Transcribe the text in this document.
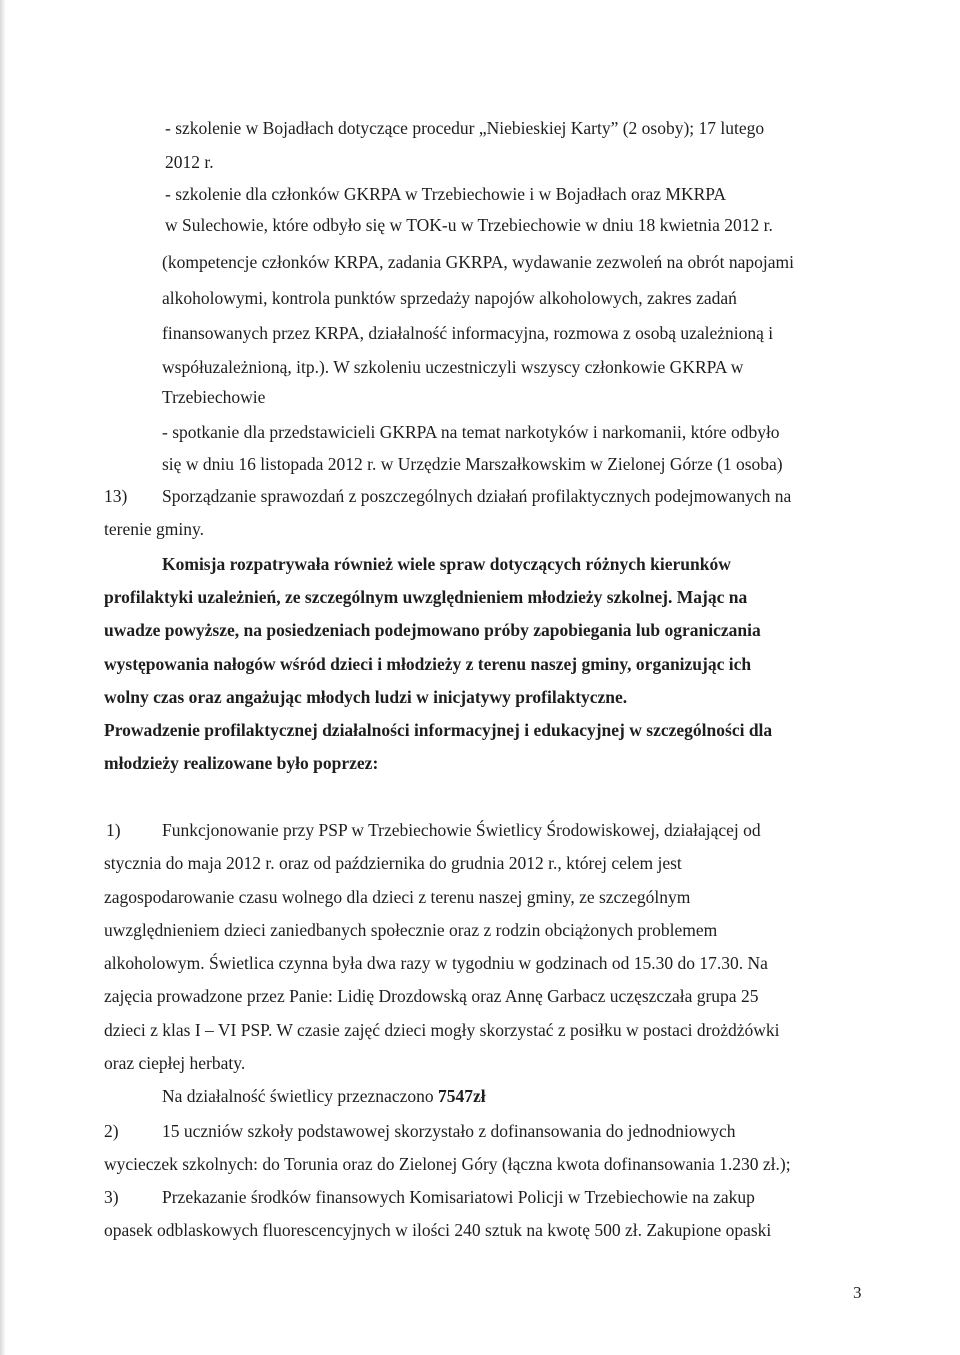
- szkolenie w Bojadłach dotyczące procedur „Niebieskiej Karty” (2 osoby); 17 lutego
2012 r.
- szkolenie dla członków GKRPA w Trzebiechowie i w Bojadłach oraz MKRPA
w Sulechowie, które odbyło się w TOK-u w Trzebiechowie w dniu 18 kwietnia 2012 r.
(kompetencje członków KRPA, zadania GKRPA, wydawanie zezwoleń na obrót napojami
alkoholowymi, kontrola punktów sprzedaży napojów alkoholowych, zakres zadań
finansowanych przez KRPA, działalność informacyjna, rozmowa z osobą uzależnioną i
współuzależnioną, itp.). W szkoleniu uczestniczyli wszyscy członkowie GKRPA w
Trzebiechowie
- spotkanie dla przedstawicieli GKRPA na temat narkotyków i narkomanii, które odbyło
się w dniu 16 listopada 2012 r. w Urzędzie Marszałkowskim w Zielonej Górze (1 osoba)
13) Sporządzanie sprawozdań z poszczególnych działań profilaktycznych podejmowanych na
terenie gminy.
Komisja rozpatrywała również wiele spraw dotyczących różnych kierunków
profilaktyki uzależnień, ze szczególnym uwzględnieniem młodzieży szkolnej. Mając na
uwadze powyższe, na posiedzeniach podejmowano próby zapobiegania lub ograniczania
występowania nałogów wśród dzieci i młodzieży z terenu naszej gminy, organizując ich
wolny czas oraz angażując młodych ludzi w inicjatywy profilaktyczne.
Prowadzenie profilaktycznej działalności informacyjnej i edukacyjnej w szczególności dla
młodzieży realizowane było poprzez:
1) Funkcjonowanie przy PSP w Trzebiechowie Świetlicy Środowiskowej, działającej od
stycznia do maja 2012 r. oraz od października do grudnia 2012 r., której celem jest
zagospodarowanie czasu wolnego dla dzieci z terenu naszej gminy, ze szczególnym
uwzględnieniem dzieci zaniedbanych społecznie oraz z rodzin obciążonych problemem
alkoholowym. Świetlica czynna była dwa razy w tygodniu w godzinach od 15.30 do 17.30. Na
zajęcia prowadzone przez Panie: Lidię Drozdowską oraz Annę Garbacz uczęszczała grupa 25
dzieci z klas I – VI PSP. W czasie zajęć dzieci mogły skorzystać z posiłku w postaci drożdżówki
oraz ciepłej herbaty.
Na działalność świetlicy przeznaczono 7547zł
2) 15 uczniów szkoły podstawowej skorzystało z dofinansowania do jednodniowych
wycieczek szkolnych: do Torunia oraz do Zielonej Góry (łączna kwota dofinansowania 1.230 zł.);
3) Przekazanie środków finansowych Komisariatowi Policji w Trzebiechowie na zakup
opasek odblaskowych fluorescencyjnych w ilości 240 sztuk na kwotę 500 zł. Zakupione opaski
3
